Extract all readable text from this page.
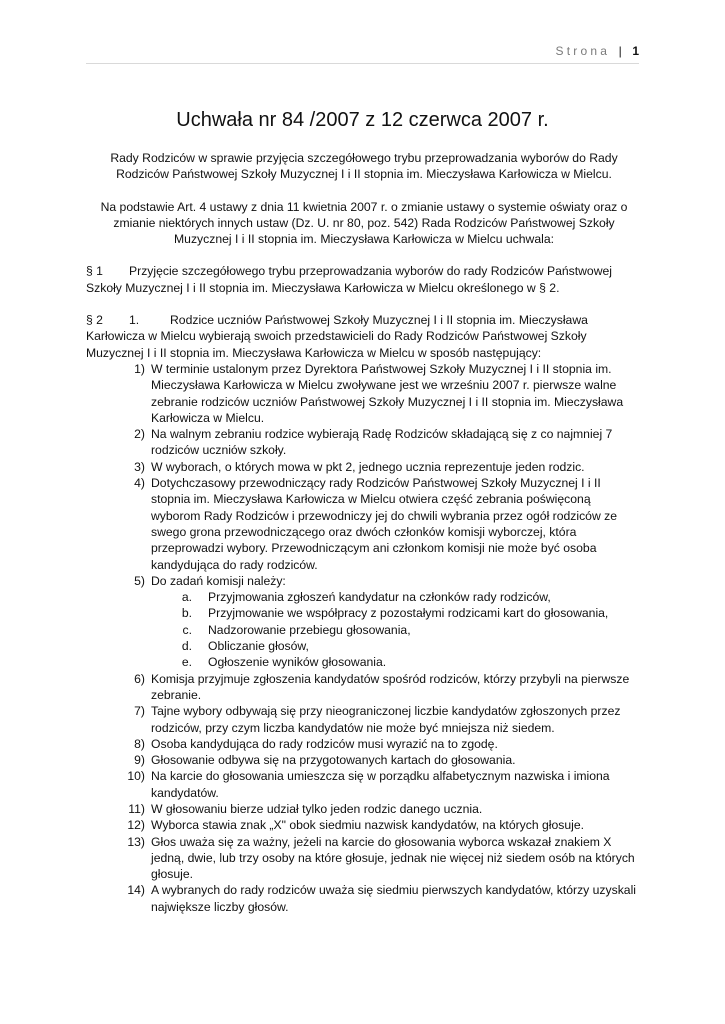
Strona | 1
Uchwała nr 84 /2007 z 12 czerwca 2007 r.

Rady Rodziców w sprawie przyjęcia szczegółowego trybu przeprowadzania wyborów do Rady Rodziców Państwowej Szkoły Muzycznej I i II stopnia im. Mieczysława Karłowicza w Mielcu.

Na podstawie Art. 4 ustawy z dnia 11 kwietnia 2007 r. o zmianie ustawy o systemie oświaty oraz o zmianie niektórych innych ustaw (Dz. U. nr 80, poz. 542) Rada Rodziców Państwowej Szkoły Muzycznej I i II stopnia im. Mieczysława Karłowicza w Mielcu uchwala:

§ 1 Przyjęcie szczegółowego trybu przeprowadzania wyborów do rady Rodziców Państwowej Szkoły Muzycznej I i II stopnia im. Mieczysława Karłowicza w Mielcu określonego w § 2.

§ 2 1.	Rodzice uczniów Państwowej Szkoły Muzycznej I i II stopnia im. Mieczysława Karłowicza w Mielcu wybierają swoich przedstawicieli do Rady Rodziców Państwowej Szkoły Muzycznej I i II stopnia im. Mieczysława Karłowicza w Mielcu w sposób następujący:
1) W terminie ustalonym przez Dyrektora Państwowej Szkoły Muzycznej I i II stopnia im. Mieczysława Karłowicza w Mielcu zwoływane jest we wrześniu 2007 r. pierwsze walne zebranie rodziców uczniów Państwowej Szkoły Muzycznej I i II stopnia im. Mieczysława Karłowicza w Mielcu.
2) Na walnym zebraniu rodzice wybierają Radę Rodziców składającą się z co najmniej 7 rodziców uczniów szkoły.
3) W wyborach, o których mowa w pkt 2, jednego ucznia reprezentuje jeden rodzic.
4) Dotychczasowy przewodniczący rady Rodziców Państwowej Szkoły Muzycznej I i II stopnia im. Mieczysława Karłowicza w Mielcu otwiera część zebrania poświęconą wyborom Rady Rodziców i przewodniczy jej do chwili wybrania przez ogół rodziców ze swego grona przewodniczącego oraz dwóch członków komisji wyborczej, która przeprowadzi wybory. Przewodniczącym ani członkom komisji nie może być osoba kandydująca do rady rodziców.
5) Do zadań komisji należy:
a. Przyjmowania zgłoszeń kandydatur na członków rady rodziców,
b. Przyjmowanie we współpracy z pozostałymi rodzicami kart do głosowania,
c. Nadzorowanie przebiegu głosowania,
d. Obliczanie głosów,
e. Ogłoszenie wyników głosowania.
6) Komisja przyjmuje zgłoszenia kandydatów spośród rodziców, którzy przybyli na pierwsze zebranie.
7) Tajne wybory odbywają się przy nieograniczonej liczbie kandydatów zgłoszonych przez rodziców, przy czym liczba kandydatów nie może być mniejsza niż siedem.
8) Osoba kandydująca do rady rodziców musi wyrazić na to zgodę.
9) Głosowanie odbywa się na przygotowanych kartach do głosowania.
10) Na karcie do głosowania umieszcza się w porządku alfabetycznym nazwiska i imiona kandydatów.
11) W głosowaniu bierze udział tylko jeden rodzic danego ucznia.
12) Wyborca stawia znak „X" obok siedmiu nazwisk kandydatów, na których głosuje.
13) Głos uważa się za ważny, jeżeli na karcie do głosowania wyborca wskazał znakiem X jedną, dwie, lub trzy osoby na które głosuje, jednak nie więcej niż siedem osób na których głosuje.
14) A wybranych do rady rodziców uważa się siedmiu pierwszych kandydatów, którzy uzyskali największe liczby głosów.
